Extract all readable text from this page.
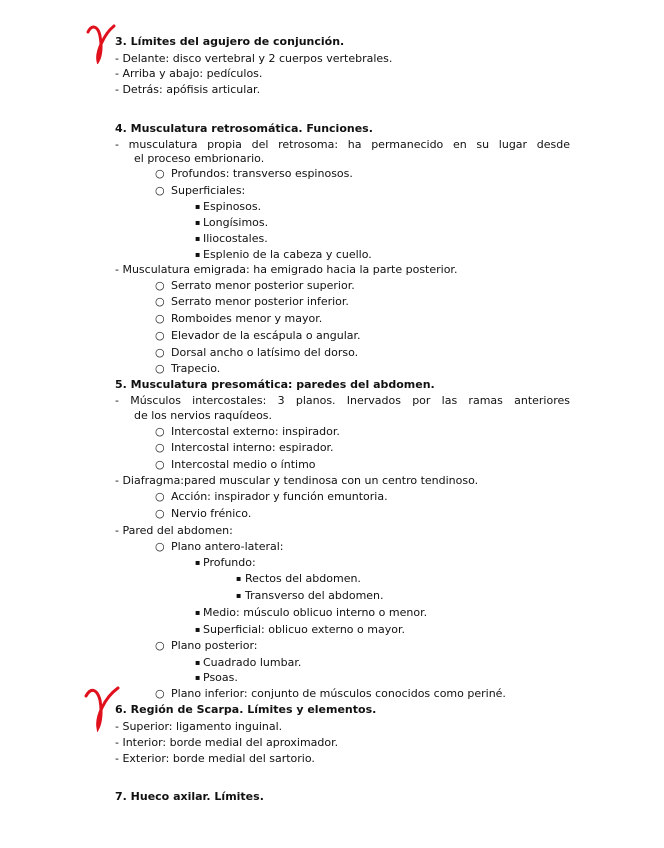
3. Límites del agujero de conjunción.
- Delante: disco vertebral y 2 cuerpos vertebrales.
- Arriba y abajo: pedículos.
- Detrás: apófisis articular.
4. Musculatura retrosomática. Funciones.
- musculatura propia del retrosoma: ha permanecido en su lugar desde
el proceso embrionario.
○ Profundos: transverso espinosos.
○ Superficiales:
▪ Espinosos.
▪ Longísimos.
▪ Iliocostales.
▪ Esplenio de la cabeza y cuello.
- Musculatura emigrada: ha emigrado hacia la parte posterior.
○ Serrato menor posterior superior.
○ Serrato menor posterior inferior.
○ Romboides menor y mayor.
○ Elevador de la escápula o angular.
○ Dorsal ancho o latísimo del dorso.
○ Trapecio.
5. Musculatura presomática: paredes del abdomen.
- Músculos intercostales: 3 planos. Inervados por las ramas anteriores
de los nervios raquídeos.
○ Intercostal externo: inspirador.
○ Intercostal interno: espirador.
○ Intercostal medio o íntimo
- Diafragma:pared muscular y tendinosa con un centro tendinoso.
○ Acción: inspirador y función emuntoria.
○ Nervio frénico.
- Pared del abdomen:
○ Plano antero-lateral:
▪ Profundo:
▪ Rectos del abdomen.
▪ Transverso del abdomen.
▪ Medio: músculo oblicuo interno o menor.
▪ Superficial: oblicuo externo o mayor.
○ Plano posterior:
▪ Cuadrado lumbar.
▪ Psoas.
○ Plano inferior: conjunto de músculos conocidos como periné.
6. Región de Scarpa. Límites y elementos.
- Superior: ligamento inguinal.
- Interior: borde medial del aproximador.
- Exterior: borde medial del sartorio.
7. Hueco axilar. Límites.
